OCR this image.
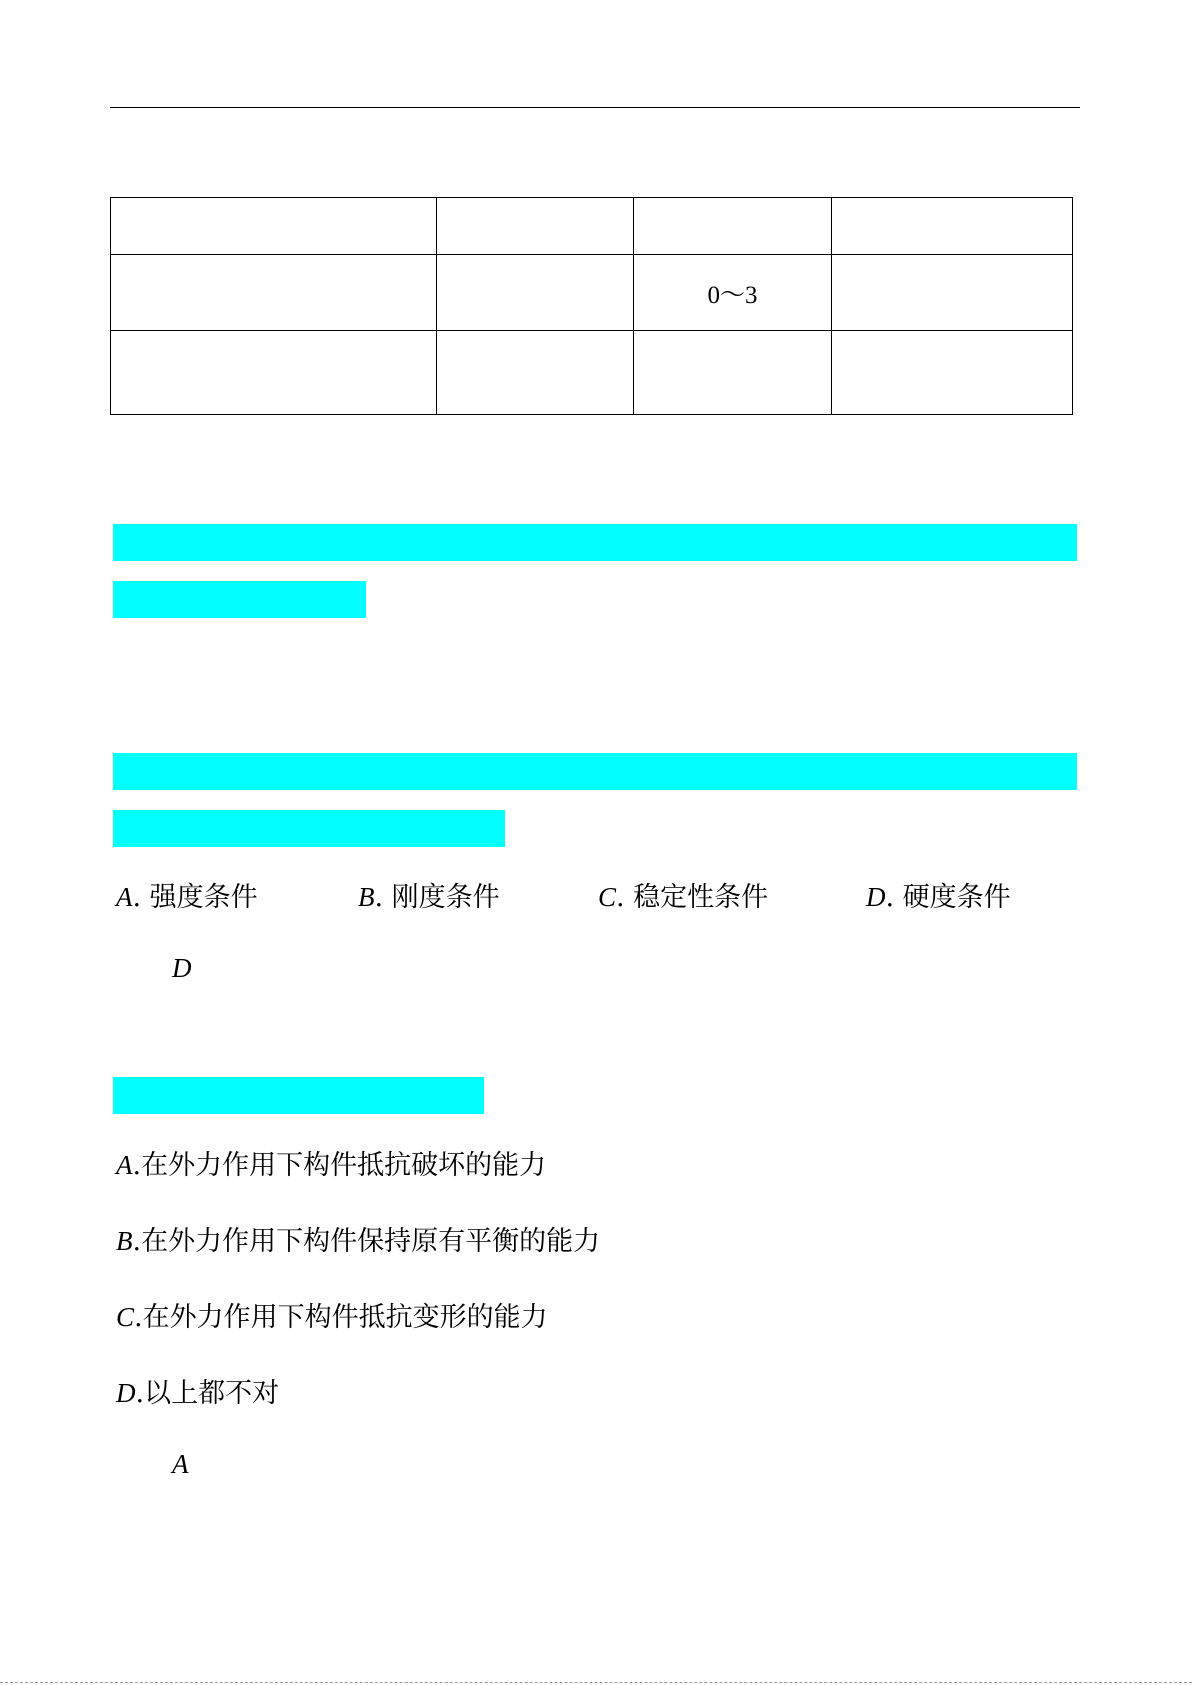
		0～3	

A. 强度条件	B. 刚度条件	C. 稳定性条件	D. 硬度条件
D
A.在外力作用下构件抵抗破坏的能力
B.在外力作用下构件保持原有平衡的能力
C.在外力作用下构件抵抗变形的能力
D.以上都不对
A
